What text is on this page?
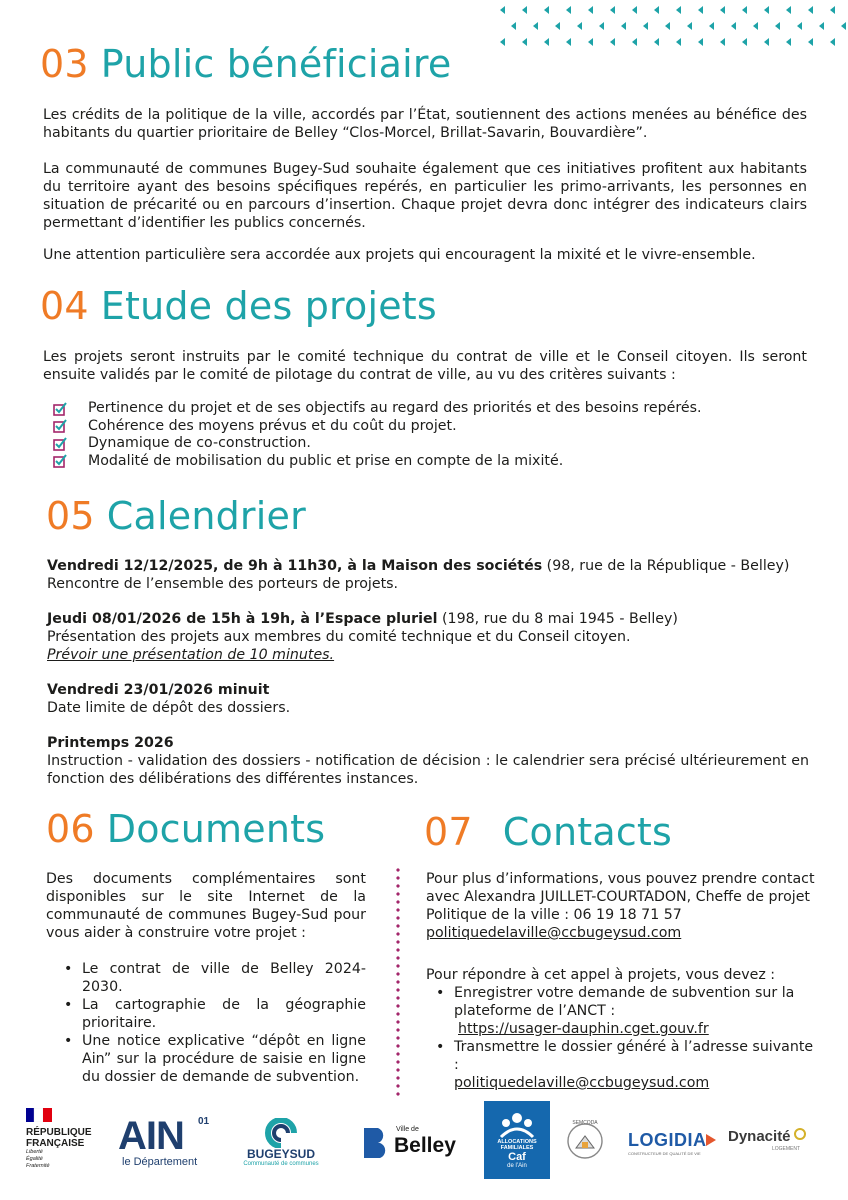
03 Public bénéficiaire

Les crédits de la politique de la ville, accordés par l’État, soutiennent des actions menées au bénéfice des habitants du quartier prioritaire de Belley “Clos-Morcel, Brillat-Savarin, Bouvardière”.

La communauté de communes Bugey-Sud souhaite également que ces initiatives profitent aux habitants du territoire ayant des besoins spécifiques repérés, en particulier les primo-arrivants, les personnes en situation de précarité ou en parcours d’insertion. Chaque projet devra donc intégrer des indicateurs clairs permettant d’identifier les publics concernés.

Une attention particulière sera accordée aux projets qui encouragent la mixité et le vivre-ensemble.

04 Etude des projets

Les projets seront instruits par le comité technique du contrat de ville et le Conseil citoyen. Ils seront ensuite validés par le comité de pilotage du contrat de ville, au vu des critères suivants :

Pertinence du projet et de ses objectifs au regard des priorités et des besoins repérés.
Cohérence des moyens prévus et du coût du projet.
Dynamique de co-construction.
Modalité de mobilisation du public et prise en compte de la mixité.
05 Calendrier
Vendredi 12/12/2025, de 9h à 11h30, à la Maison des sociétés (98, rue de la République - Belley)
Rencontre de l’ensemble des porteurs de projets.
Jeudi 08/01/2026 de 15h à 19h, à l’Espace pluriel (198, rue du 8 mai 1945 - Belley)
Présentation des projets aux membres du comité technique et du Conseil citoyen.
Prévoir une présentation de 10 minutes.
Vendredi 23/01/2026 minuit
Date limite de dépôt des dossiers.
Printemps 2026
Instruction - validation des dossiers - notification de décision : le calendrier sera précisé ultérieurement en fonction des délibérations des différentes instances.
06 Documents
Des documents complémentaires sont disponibles sur le site Internet de la communauté de communes Bugey-Sud pour vous aider à construire votre projet :
• Le contrat de ville de Belley 2024-2030.
• La cartographie de la géographie prioritaire.
• Une notice explicative “dépôt en ligne Ain” sur la procédure de saisie en ligne du dossier de demande de subvention.
07 Contacts
Pour plus d’informations, vous pouvez prendre contact avec Alexandra JUILLET-COURTADON, Cheffe de projet Politique de la ville : 06 19 18 71 57
politiquedelaville@ccbugeysud.com
Pour répondre à cet appel à projets, vous devez :
• Enregistrer votre demande de subvention sur la plateforme de l’ANCT :
https://usager-dauphin.cget.gouv.fr
• Transmettre le dossier généré à l’adresse suivante :
politiquedelaville@ccbugeysud.com
RÉPUBLIQUE
FRANÇAISE
Liberté Égalité Fraternité
AIN 01
le Département
BUGEYSUD
Communauté de communes
Ville de
Belley	ALLOCATIONS FAMILIALES
Caf
de l’Ain
SEMCODA
LOGIDIA
CONSTRUCTEUR DE QUALITÉ DE VIE
Dynacité
LOGEMENT
